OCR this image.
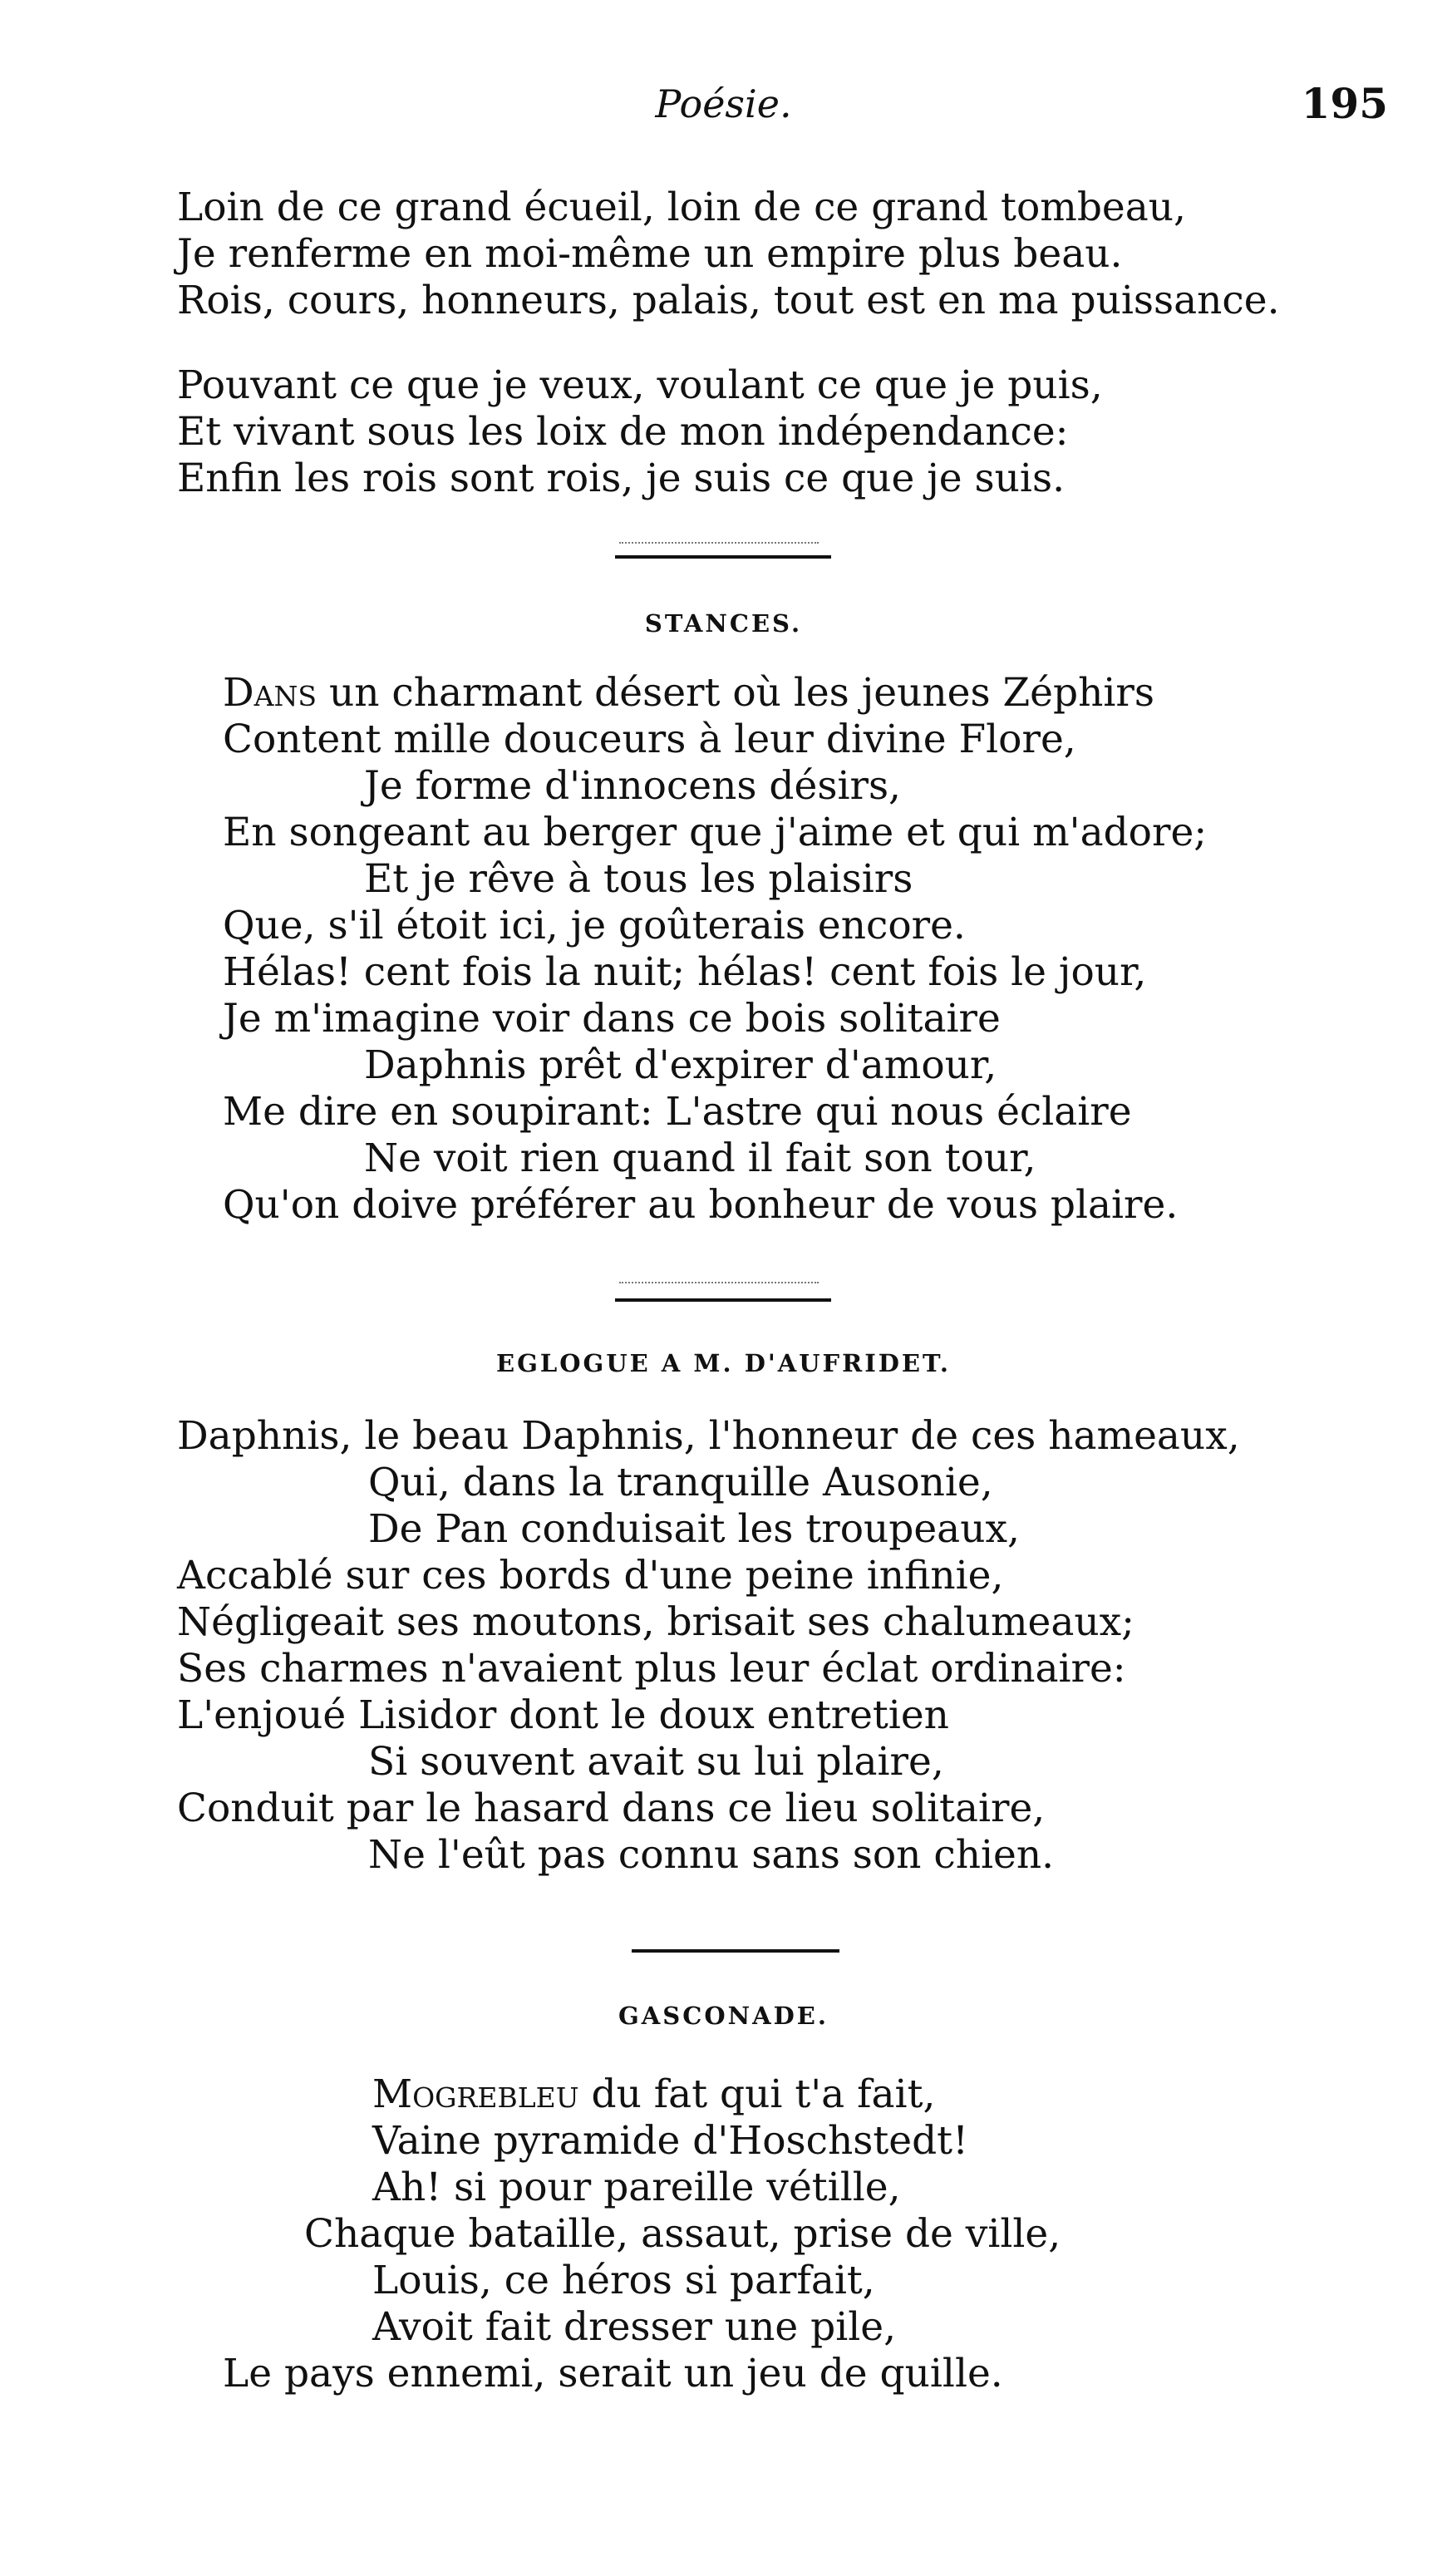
Poésie.	195
Loin de ce grand écueil, loin de ce grand tombeau,
Je renferme en moi-même un empire plus beau.
Rois, cours, honneurs, palais, tout est en ma puissance.
Pouvant ce que je veux, voulant ce que je puis,
Et vivant sous les loix de mon indépendance:
Enfin les rois sont rois, je suis ce que je suis.
STANCES.
Dans un charmant désert où les jeunes Zéphirs
Content mille douceurs à leur divine Flore,
Je forme d'innocens désirs,
En songeant au berger que j'aime et qui m'adore;
Et je rêve à tous les plaisirs
Que, s'il étoit ici, je goûterais encore.
Hélas! cent fois la nuit; hélas! cent fois le jour,
Je m'imagine voir dans ce bois solitaire
Daphnis prêt d'expirer d'amour,
Me dire en soupirant: L'astre qui nous éclaire
Ne voit rien quand il fait son tour,
Qu'on doive préférer au bonheur de vous plaire.
EGLOGUE A M. D'AUFRIDET.
Daphnis, le beau Daphnis, l'honneur de ces hameaux,
Qui, dans la tranquille Ausonie,
De Pan conduisait les troupeaux,
Accablé sur ces bords d'une peine infinie,
Négligeait ses moutons, brisait ses chalumeaux;
Ses charmes n'avaient plus leur éclat ordinaire:
L'enjoué Lisidor dont le doux entretien
Si souvent avait su lui plaire,
Conduit par le hasard dans ce lieu solitaire,
Ne l'eût pas connu sans son chien.
GASCONADE.
Mogrebleu du fat qui t'a fait,
Vaine pyramide d'Hoschstedt!
Ah! si pour pareille vétille,
Chaque bataille, assaut, prise de ville,
Louis, ce héros si parfait,
Avoit fait dresser une pile,
Le pays ennemi, serait un jeu de quille.
